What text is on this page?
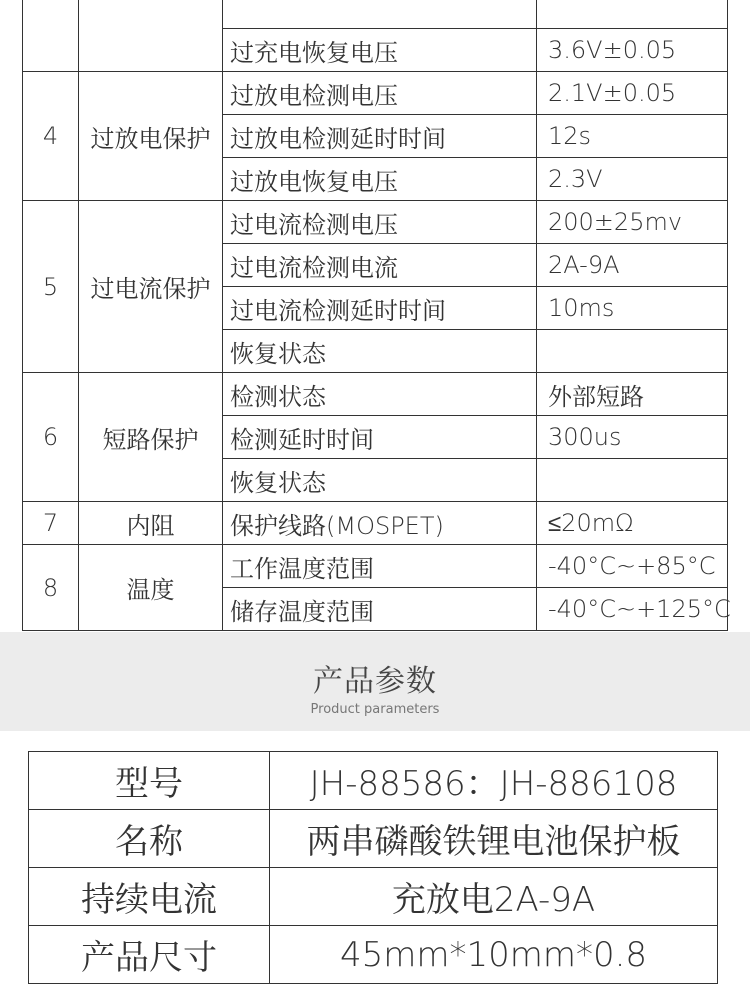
		过充电恢复电压	3.6V±0.05
4	过放电保护	过放电检测电压	2.1V±0.05
		过放电检测延时时间	12s
		过放电恢复电压	2.3V
5	过电流保护	过电流检测电压	200±25mv
		过电流检测电流	2A-9A
		过电流检测延时时间	10ms
		恢复状态	
6	短路保护	检测状态	外部短路
		检测延时时间	300us
		恢复状态	
7	内阻	保护线路(MOSPET)	≤20mΩ
8	温度	工作温度范围	-40°C~+85°C
		储存温度范围	-40°C~+125°C
产品参数
Product parameters
型号	JH-88586：JH-886108
名称	两串磷酸铁锂电池保护板
持续电流	充放电2A-9A
产品尺寸	45mm*10mm*0.8
